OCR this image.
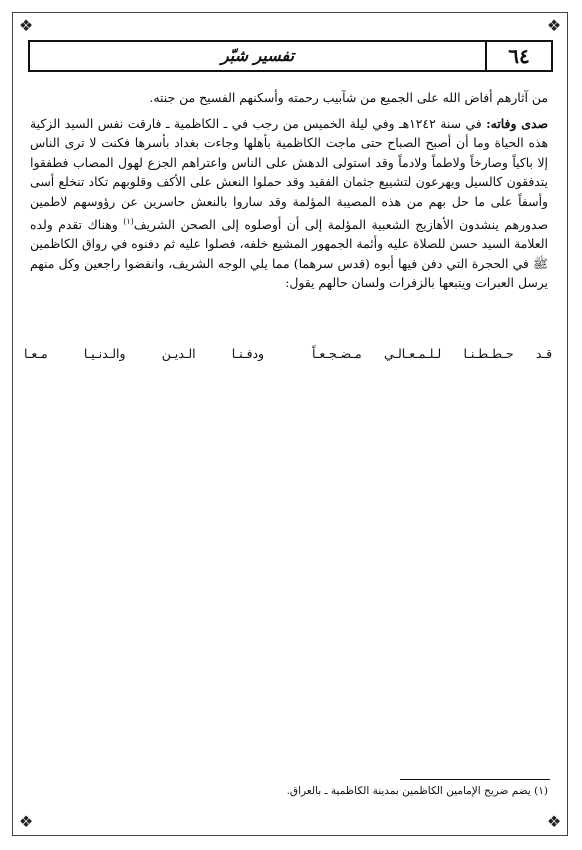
❖	❖
❖	❖
٦٤
تفسير شبّر

من آثارهم أفاض الله على الجميع من شآبيب رحمته وأسكنهم الفسيح من جنته.

صدى وفاته: في سنة ١٢٤٢هـ وفي ليلة الخميس من رجب في ـ الكاظمية ـ فارقت نفس السيد الزكية هذه الحياة وما أن أصبح الصباح حتى ماجت الكاظمية بأهلها وجاءت بغداد بأسرها فكنت لا ترى الناس إلا باكياً وصارخاً ولاطماً ولادماً وقد استولى الدهش على الناس واعتراهم الجزع لهول المصاب فطفقوا يتدفقون كالسيل ويهرعون لتشييع جثمان الفقيد وقد حملوا النعش على الأكف وقلوبهم تكاد تنخلع أسى وأسفاً على ما حل بهم من هذه المصيبة المؤلمة وقد ساروا بالنعش حاسرين عن رؤوسهم لاطمين صدورهم ينشدون الأهازيج الشعبية المؤلمة إلى أن أوصلوه إلى الصحن الشريف$^{(١)}$ وهناك تقدم ولده العلامة السيد حسن للصلاة عليه وأئمة الجمهور المشيع خلفه، فصلوا عليه ثم دفنوه في رواق الكاظمين ﷺ في الحجرة التي دفن فيها أبوه (قدس سرهما) مما يلي الوجه الشريف، وانفضوا راجعين وكل منهم يرسل العبرات ويتبعها بالزفرات ولسان حالهم يقول:

قـد حـطـطـنـا لـلـمـعـالـي مـضـجـعـاً
ودفـنـا الـديـن والـدنـيـا مـعـا
(١) يضم ضريح الإمامين الكاظمين بمدينة الكاظمية ـ بالعراق.
